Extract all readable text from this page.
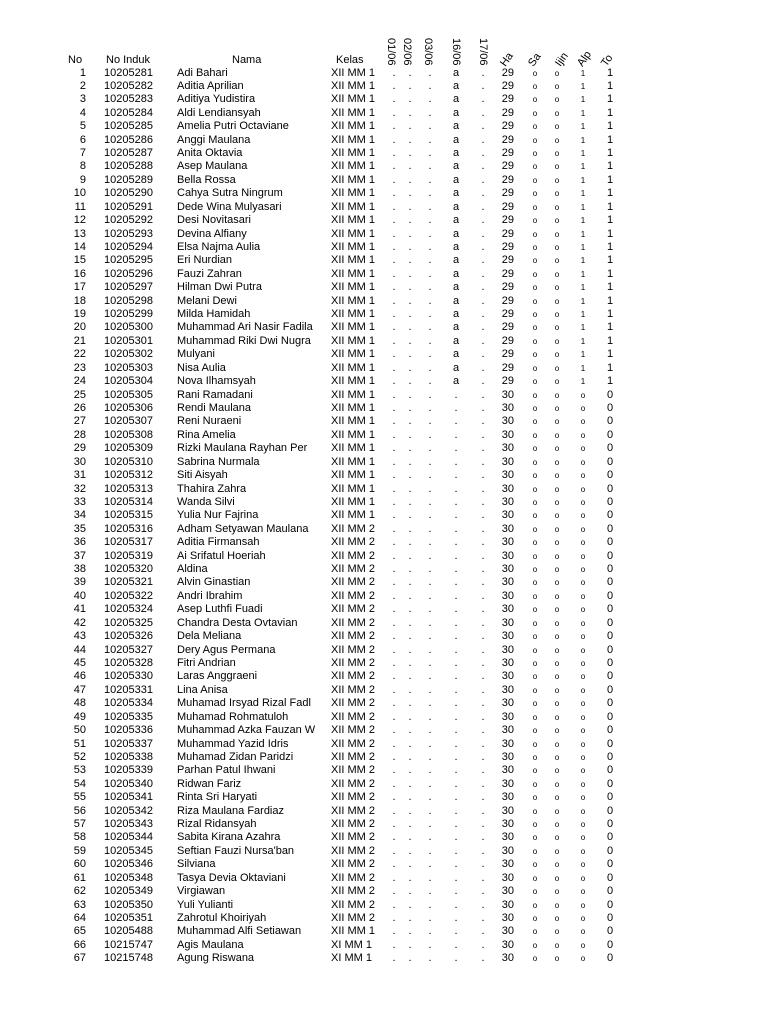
No No Induk	Nama	Kelas 01/06 02/06 03/06 16/06 17/06 Ha Sa Ijin Alp To
1 10205281	Adi Bahari	XII MM 1	. . . a .	29 o o	1 1
2 10205282	Aditia Aprilian	XII MM 1	. . . a .	29 o o	1 1
3 10205283	Aditiya Yudistira	XII MM 1	. . . a .	29 o o	1 1
4 10205284	Aldi Lendiansyah	XII MM 1	. . . a .	29 o o	1 1
5 10205285	Amelia Putri Octaviane	XII MM 1	. . . a .	29 o o	1 1
6 10205286	Anggi Maulana	XII MM 1	. . . a .	29 o o	1 1
7 10205287	Anita Oktavia	XII MM 1	. . . a .	29 o o	1 1
8 10205288	Asep Maulana	XII MM 1	. . . a .	29 o o	1 1
9 10205289	Bella Rossa	XII MM 1	. . . a .	29 o o	1 1
10 10205290	Cahya Sutra Ningrum	XII MM 1	. . . a .	29 o o	1 1
11 10205291	Dede Wina Mulyasari	XII MM 1	. . . a .	29 o o	1 1
12 10205292	Desi Novitasari	XII MM 1	. . . a .	29 o o	1 1
13 10205293	Devina Alfiany	XII MM 1	. . . a .	29 o o	1 1
14 10205294	Elsa Najma Aulia	XII MM 1	. . . a .	29 o o	1 1
15 10205295	Eri Nurdian	XII MM 1	. . . a .	29 o o	1 1
16 10205296	Fauzi Zahran	XII MM 1	. . . a .	29 o o	1 1
17 10205297	Hilman Dwi Putra	XII MM 1	. . . a .	29 o o	1 1
18 10205298	Melani Dewi	XII MM 1	. . . a .	29 o o	1 1
19 10205299	Milda Hamidah	XII MM 1	. . . a .	29 o o	1 1
20 10205300	Muhammad Ari Nasir Fadila	XII MM 1	. . . a .	29 o o	1 1
21 10205301	Muhammad Riki Dwi Nugra	XII MM 1	. . . a .	29 o o	1 1
22 10205302	Mulyani	XII MM 1	. . . a .	29 o o	1 1
23 10205303	Nisa Aulia	XII MM 1	. . . a .	29 o o	1 1
24 10205304	Nova Ilhamsyah	XII MM 1	. . . a .	29 o o	1 1
25 10205305	Rani Ramadani	XII MM 1	. . .	.	.	30 o o	o 0
26 10205306	Rendi Maulana	XII MM 1	. . .	.	.	30 o o	o 0
27 10205307	Reni Nuraeni	XII MM 1	. . .	.	.	30 o o	o 0
28 10205308	Rina Amelia	XII MM 1	. . .	.	.	30 o o	o 0
29 10205309	Rizki Maulana Rayhan Per	XII MM 1	. . .	.	.	30 o o	o 0
30 10205310	Sabrina Nurmala	XII MM 1	. . .	.	.	30 o o	o 0
31 10205312	Siti Aisyah	XII MM 1	. . .	.	.	30 o o	o 0
32 10205313	Thahira Zahra	XII MM 1	. . .	.	.	30 o o	o 0
33 10205314	Wanda Silvi	XII MM 1	. . .	.	.	30 o o	o 0
34 10205315	Yulia Nur Fajrina	XII MM 1	. . .	.	.	30 o o	o 0
35 10205316	Adham Setyawan Maulana	XII MM 2	. . .	.	.	30 o o	o 0
36 10205317	Aditia Firmansah	XII MM 2	. . .	.	.	30 o o	o 0
37 10205319	Ai Srifatul Hoeriah	XII MM 2	. . .	.	.	30 o o	o 0
38 10205320	Aldina	XII MM 2	. . .	.	.	30 o o	o 0
39 10205321	Alvin Ginastian	XII MM 2	. . .	.	.	30 o o	o 0
40 10205322	Andri Ibrahim	XII MM 2	. . .	.	.	30 o o	o 0
41 10205324	Asep Luthfi Fuadi	XII MM 2	. . .	.	.	30 o o	o 0
42 10205325	Chandra Desta Ovtavian	XII MM 2	. . .	.	.	30 o o	o 0
43 10205326	Dela Meliana	XII MM 2	. . .	.	.	30 o o	o 0
44 10205327	Dery Agus Permana	XII MM 2	. . .	.	.	30 o o	o 0
45 10205328	Fitri Andrian	XII MM 2	. . .	.	.	30 o o	o 0
46 10205330	Laras Anggraeni	XII MM 2	. . .	.	.	30 o o	o 0
47 10205331	Lina Anisa	XII MM 2	. . .	.	.	30 o o	o 0
48 10205334	Muhamad Irsyad Rizal Fadl	XII MM 2	. . .	.	.	30 o o	o 0
49 10205335	Muhamad Rohmatuloh	XII MM 2	. . .	.	.	30 o o	o 0
50 10205336	Muhammad Azka Fauzan W	XII MM 2	. . .	.	.	30 o o	o 0
51 10205337	Muhammad Yazid Idris	XII MM 2	. . .	.	.	30 o o	o 0
52 10205338	Muhamad Zidan Paridzi	XII MM 2	. . .	.	.	30 o o	o 0
53 10205339	Parhan Patul Ihwani	XII MM 2	. . .	.	.	30 o o	o 0
54 10205340	Ridwan Fariz	XII MM 2	. . .	.	.	30 o o	o 0
55 10205341	Rinta Sri Haryati	XII MM 2	. . .	.	.	30 o o	o 0
56 10205342	Riza Maulana Fardiaz	XII MM 2	. . .	.	.	30 o o	o 0
57 10205343	Rizal Ridansyah	XII MM 2	. . .	.	.	30 o o	o 0
58 10205344	Sabita Kirana Azahra	XII MM 2	. . .	.	.	30 o o	o 0
59 10205345	Seftian Fauzi Nursa'ban	XII MM 2	. . .	.	.	30 o o	o 0
60 10205346	Silviana	XII MM 2	. . .	.	.	30 o o	o 0
61 10205348	Tasya Devia Oktaviani	XII MM 2	. . .	.	.	30 o o	o 0
62 10205349	Virgiawan	XII MM 2	. . .	.	.	30 o o	o 0
63 10205350	Yuli Yulianti	XII MM 2	. . .	.	.	30 o o	o 0
64 10205351	Zahrotul Khoiriyah	XII MM 2	. . .	.	.	30 o o	o 0
65 10205488	Muhammad Alfi Setiawan	XII MM 1	. . .	.	.	30 o o	o 0
66 10215747	Agis Maulana	XI MM 1	. . .	.	.	30 o o	o 0
67 10215748	Agung Riswana	XI MM 1	. . .	.	.	30 o o	o 0
